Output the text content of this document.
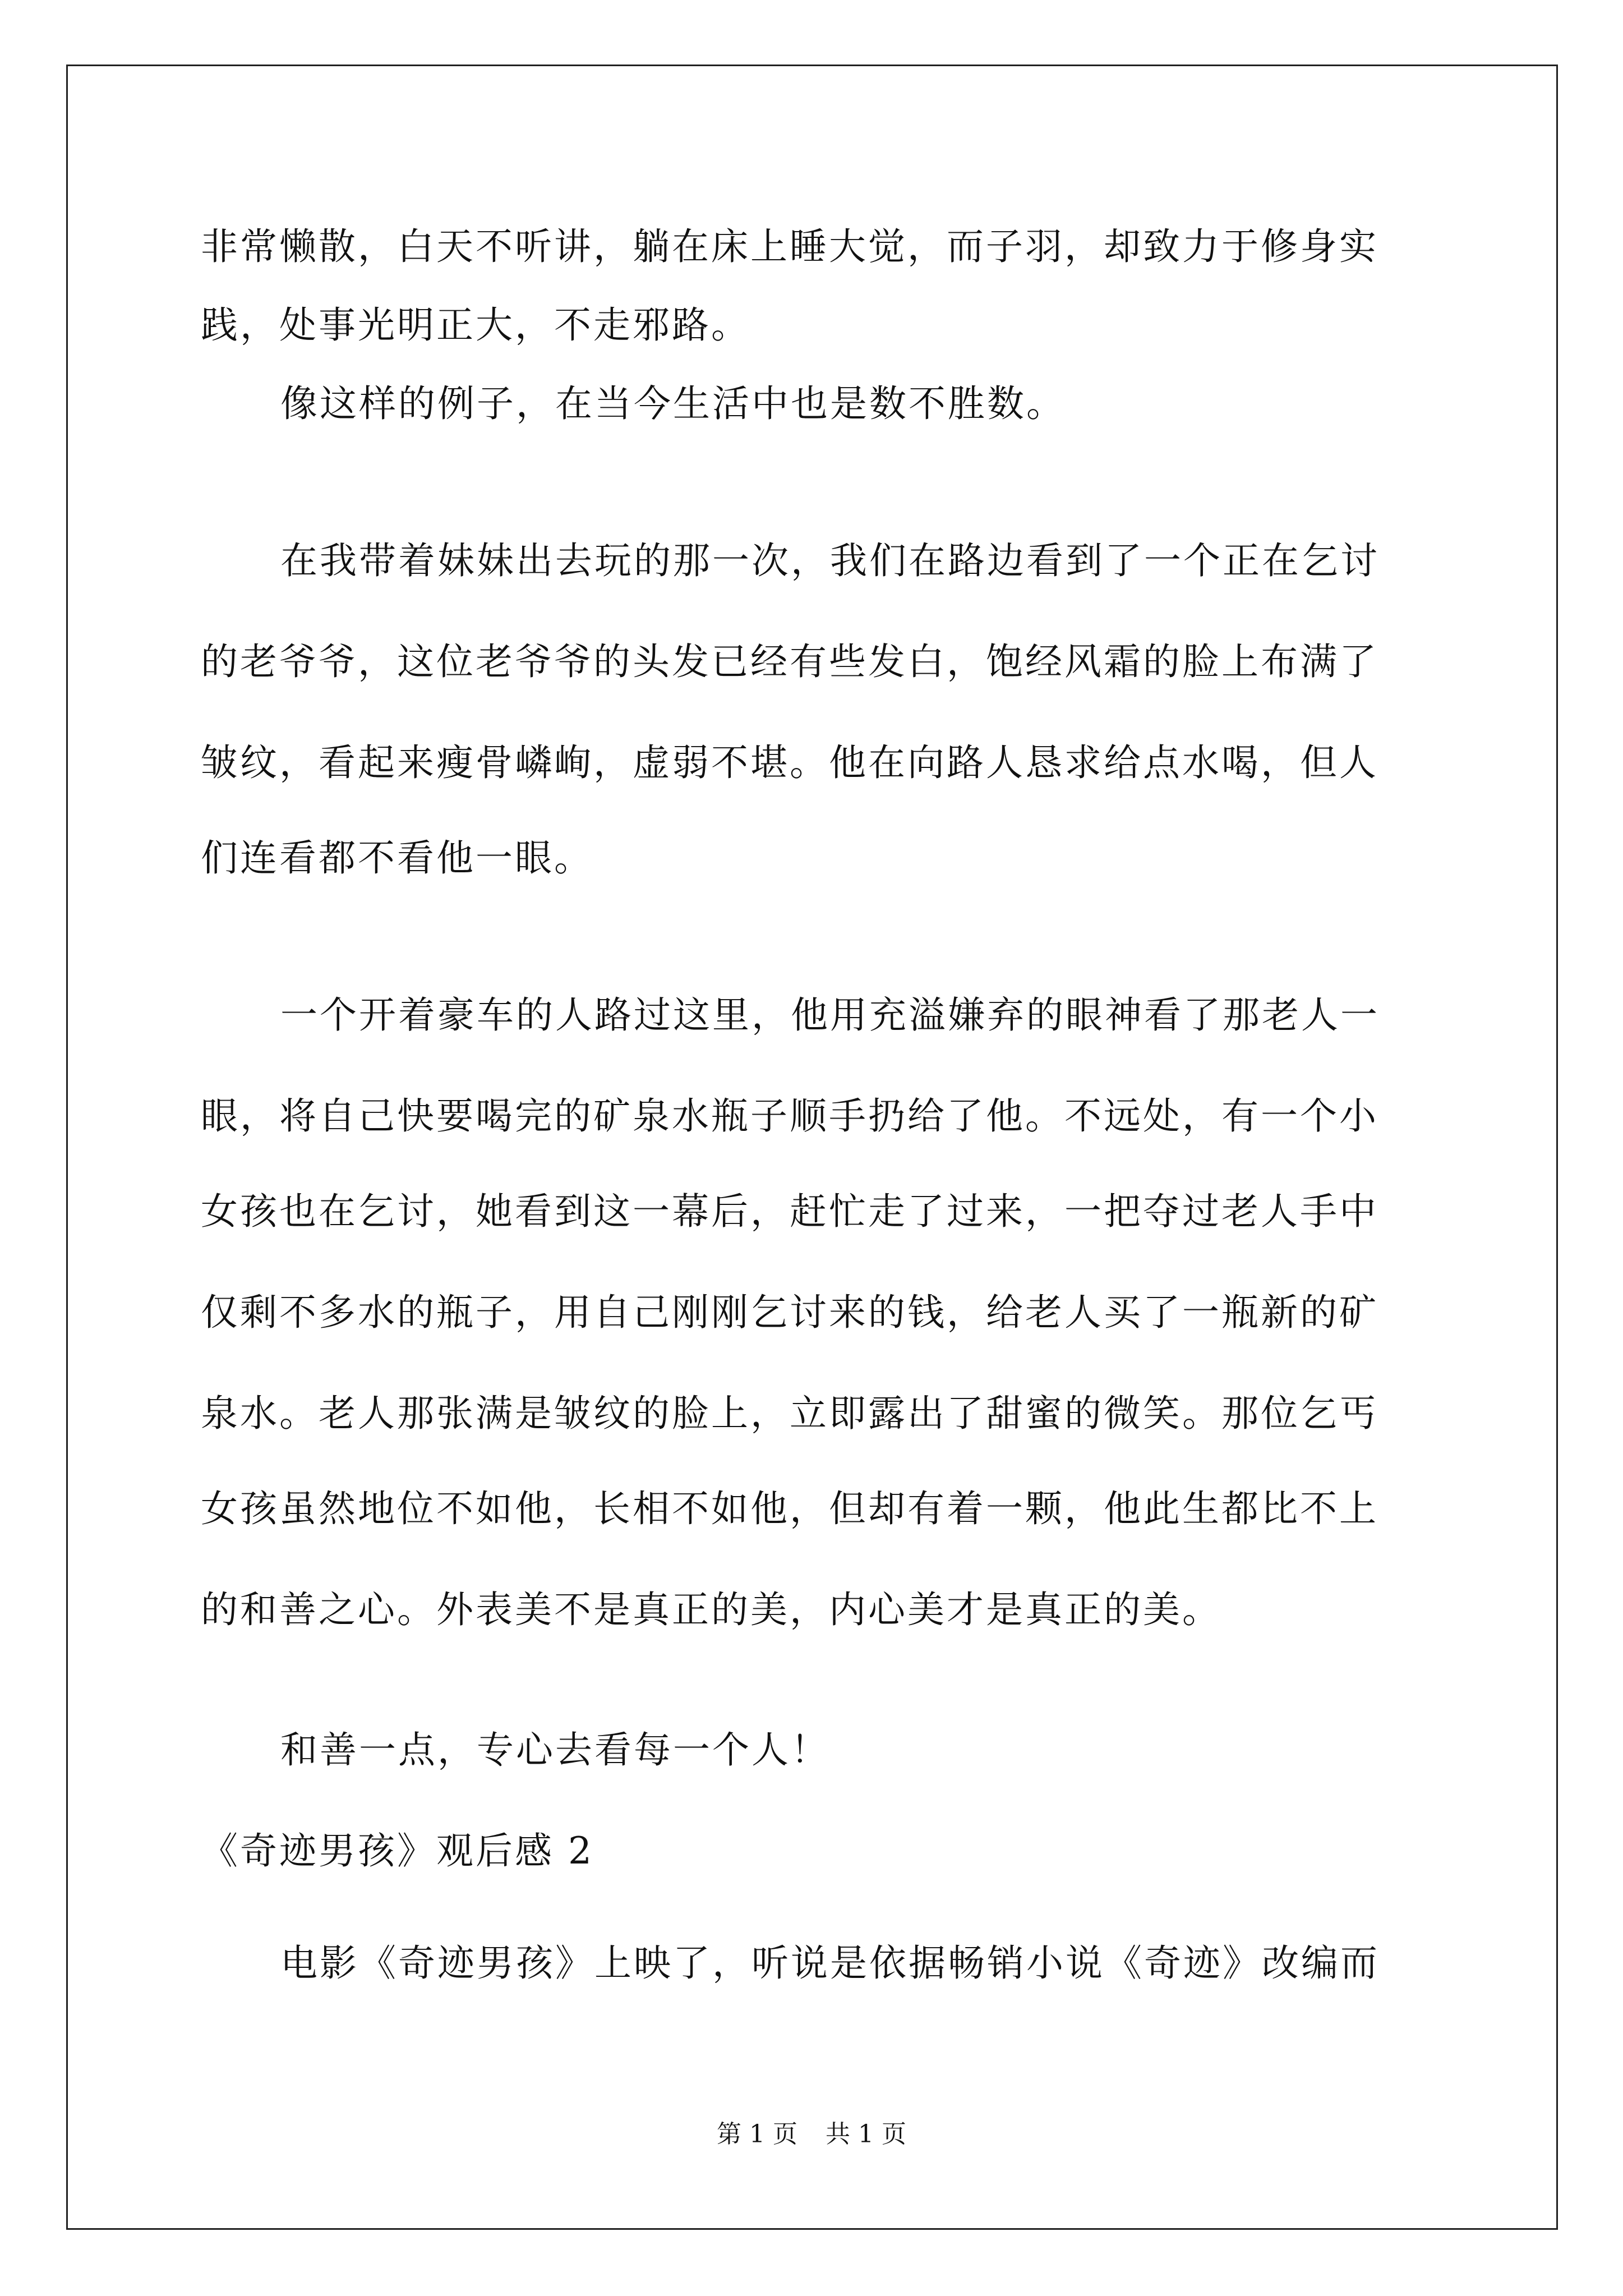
非常懒散，白天不听讲，躺在床上睡大觉，而子羽，却致力于修身实
践，处事光明正大，不走邪路。
像这样的例子，在当今生活中也是数不胜数。
在我带着妹妹出去玩的那一次，我们在路边看到了一个正在乞讨
的老爷爷，这位老爷爷的头发已经有些发白，饱经风霜的脸上布满了
皱纹，看起来瘦骨嶙峋，虚弱不堪。他在向路人恳求给点水喝，但人
们连看都不看他一眼。
一个开着豪车的人路过这里，他用充溢嫌弃的眼神看了那老人一
眼，将自己快要喝完的矿泉水瓶子顺手扔给了他。不远处，有一个小
女孩也在乞讨，她看到这一幕后，赶忙走了过来，一把夺过老人手中
仅剩不多水的瓶子，用自己刚刚乞讨来的钱，给老人买了一瓶新的矿
泉水。老人那张满是皱纹的脸上，立即露出了甜蜜的微笑。那位乞丐
女孩虽然地位不如他，长相不如他，但却有着一颗，他此生都比不上
的和善之心。外表美不是真正的美，内心美才是真正的美。
和善一点，专心去看每一个人！
《奇迹男孩》观后感 2
电影《奇迹男孩》上映了，听说是依据畅销小说《奇迹》改编而
第 1 页 共 1 页
